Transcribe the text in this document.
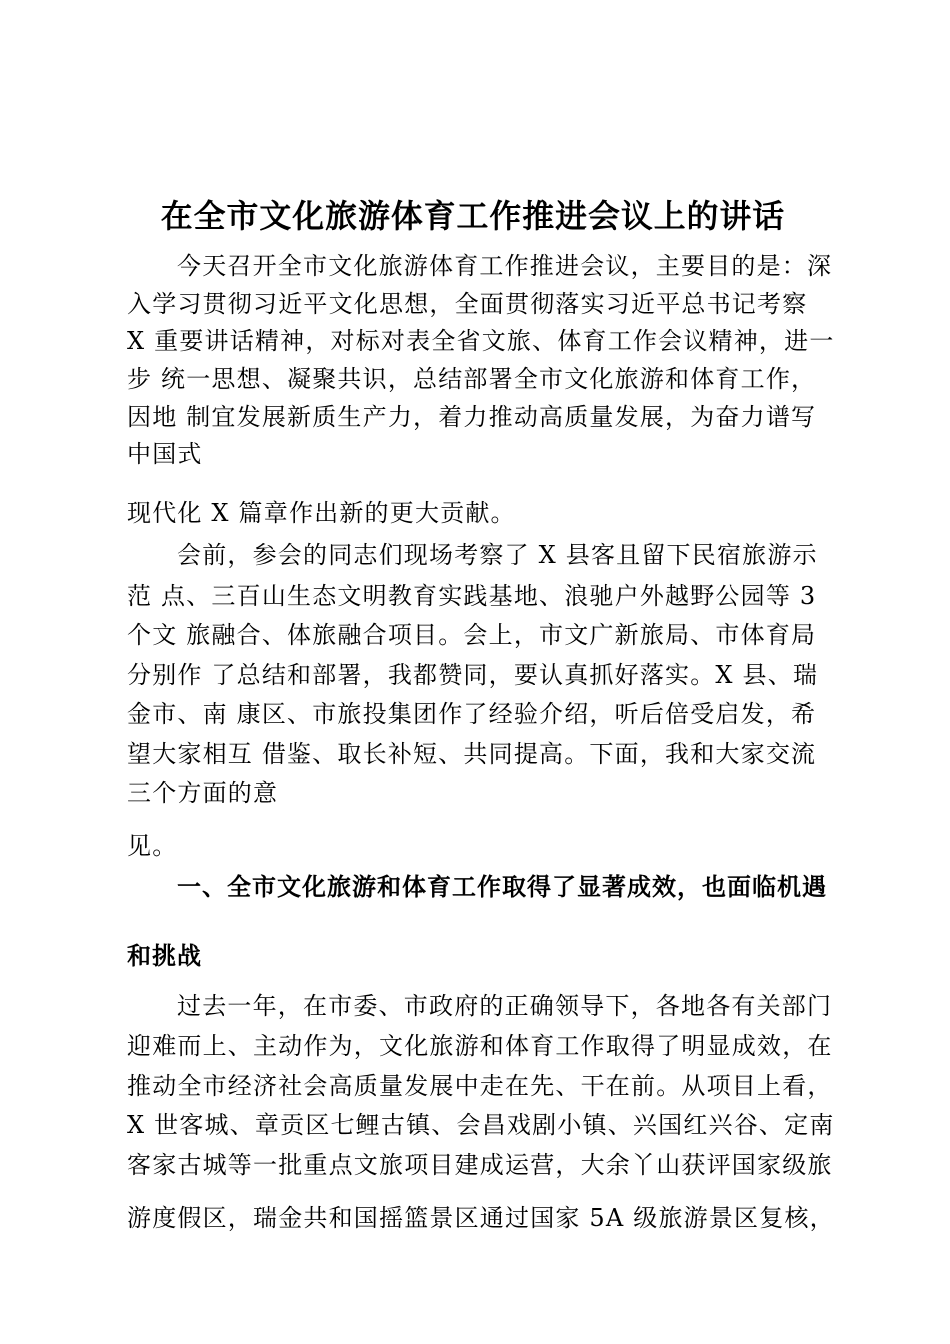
在全市文化旅游体育工作推进会议上的讲话
今天召开全市文化旅游体育工作推进会议，主要目的是：深
入学习贯彻习近平文化思想，全面贯彻落实习近平总书记考察
X 重要讲话精神，对标对表全省文旅、体育工作会议精神，进一
步 统一思想、凝聚共识，总结部署全市文化旅游和体育工作，
因地 制宜发展新质生产力，着力推动高质量发展，为奋力谱写
中国式
现代化 X 篇章作出新的更大贡献。
会前，参会的同志们现场考察了 X 县客且留下民宿旅游示
范 点、三百山生态文明教育实践基地、浪驰户外越野公园等 3
个文 旅融合、体旅融合项目。会上，市文广新旅局、市体育局
分别作 了总结和部署，我都赞同，要认真抓好落实。X 县、瑞
金市、南 康区、市旅投集团作了经验介绍，听后倍受启发，希
望大家相互 借鉴、取长补短、共同提高。下面，我和大家交流
三个方面的意
见。
一、全市文化旅游和体育工作取得了显著成效，也面临机遇
和挑战
过去一年，在市委、市政府的正确领导下，各地各有关部门
迎难而上、主动作为，文化旅游和体育工作取得了明显成效，在
推动全市经济社会高质量发展中走在先、干在前。从项目上看，
X 世客城、章贡区七鲤古镇、会昌戏剧小镇、兴国红兴谷、定南
客家古城等一批重点文旅项目建成运营，大余丫山获评国家级旅
游度假区，瑞金共和国摇篮景区通过国家 5A 级旅游景区复核，
